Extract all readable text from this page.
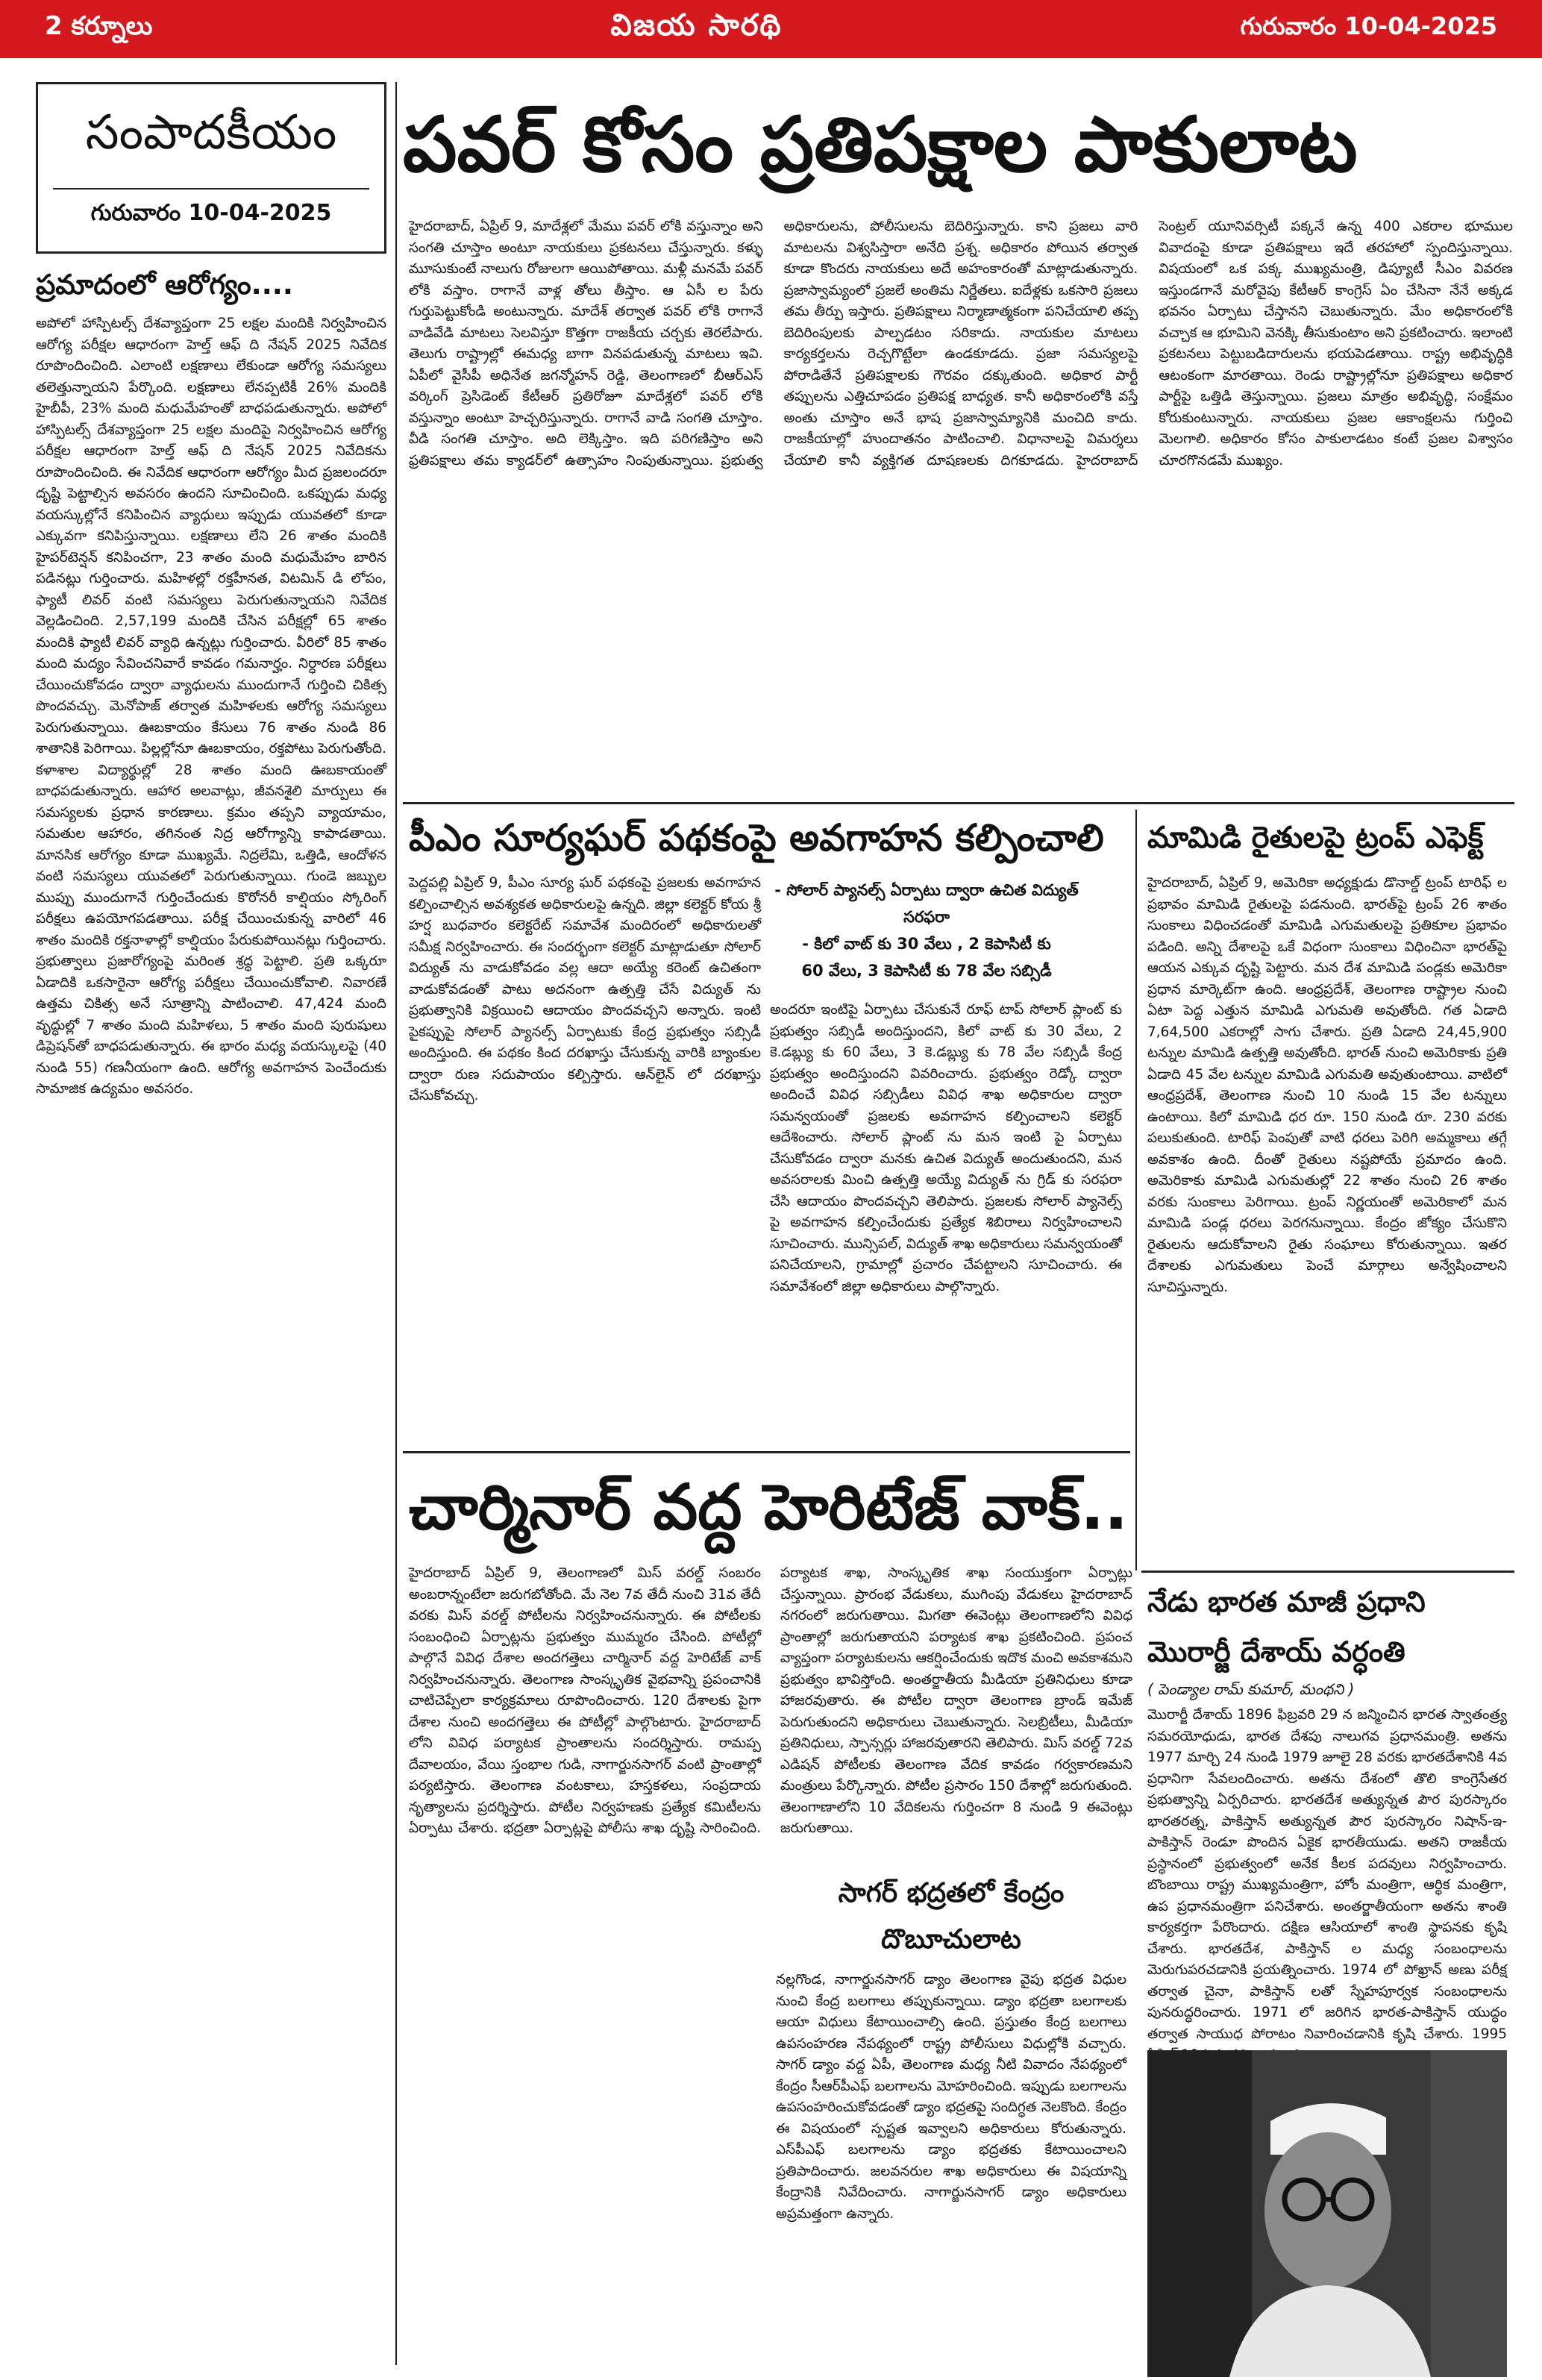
2 కర్నూలు	విజయ సారథి	గురువారం 10-04-2025
సంపాదకీయం
గురువారం 10-04-2025
పవర్ కోసం ప్రతిపక్షాల పాకులాట
ప్రమాదంలో ఆరోగ్యం....
అపోలో హాస్పిటల్స్ దేశవ్యాప్తంగా 25 లక్షల మందికి నిర్వహించిన ఆరోగ్య పరీక్షల ఆధారంగా హెల్త్ ఆఫ్ ది నేషన్ 2025 నివేదిక రూపొందించింది. ఎలాంటి లక్షణాలు లేకుండా ఆరోగ్య సమస్యలు తలెత్తున్నాయని పేర్కొంది. లక్షణాలు లేనప్పటికీ 26% మందికి హైబీపీ, 23% మంది మధుమేహంతో బాధపడుతున్నారు. అపోలో హాస్పిటల్స్ దేశవ్యాప్తంగా 25 లక్షల మందిపై నిర్వహించిన ఆరోగ్య పరీక్షల ఆధారంగా హెల్త్ ఆఫ్ ది నేషన్ 2025 నివేదికను రూపొందించింది. ఈ నివేదిక ఆధారంగా ఆరోగ్యం మీద ప్రజలందరూ దృష్టి పెట్టాల్సిన అవసరం ఉందని సూచించింది. ఒకప్పుడు మధ్య వయస్కుల్లోనే కనిపించిన వ్యాధులు ఇప్పుడు యువతలో కూడా ఎక్కువగా కనిపిస్తున్నాయి. లక్షణాలు లేని 26 శాతం మందికి హైపర్‌టెన్షన్ కనిపించగా, 23 శాతం మంది మధుమేహం బారిన పడినట్లు గుర్తించారు. మహిళల్లో రక్తహీనత, విటమిన్ డి లోపం, ఫ్యాటీ లివర్ వంటి సమస్యలు పెరుగుతున్నాయని నివేదిక వెల్లడించింది. 2,57,199 మందికి చేసిన పరీక్షల్లో 65 శాతం మందికి ఫ్యాటీ లివర్ వ్యాధి ఉన్నట్లు గుర్తించారు. వీరిలో 85 శాతం మంది మద్యం సేవించనివారే కావడం గమనార్హం. నిర్ధారణ పరీక్షలు చేయించుకోవడం ద్వారా వ్యాధులను ముందుగానే గుర్తించి చికిత్స పొందవచ్చు. మెనోపాజ్ తర్వాత మహిళలకు ఆరోగ్య సమస్యలు పెరుగుతున్నాయి. ఊబకాయం కేసులు 76 శాతం నుండి 86 శాతానికి పెరిగాయి. పిల్లల్లోనూ ఊబకాయం, రక్తపోటు పెరుగుతోంది. కళాశాల విద్యార్థుల్లో 28 శాతం మంది ఊబకాయంతో బాధపడుతున్నారు. ఆహార అలవాట్లు, జీవనశైలి మార్పులు ఈ సమస్యలకు ప్రధాన కారణాలు. క్రమం తప్పని వ్యాయామం, సమతుల ఆహారం, తగినంత నిద్ర ఆరోగ్యాన్ని కాపాడతాయి. మానసిక ఆరోగ్యం కూడా ముఖ్యమే. నిద్రలేమి, ఒత్తిడి, ఆందోళన వంటి సమస్యలు యువతలో పెరుగుతున్నాయి. గుండె జబ్బుల ముప్పు ముందుగానే గుర్తించేందుకు కొరోనరీ కాల్షియం స్కోరింగ్ పరీక్షలు ఉపయోగపడతాయి. పరీక్ష చేయించుకున్న వారిలో 46 శాతం మందికి రక్తనాళాల్లో కాల్షియం పేరుకుపోయినట్లు గుర్తించారు. ప్రభుత్వాలు ప్రజారోగ్యంపై మరింత శ్రద్ధ పెట్టాలి. ప్రతి ఒక్కరూ ఏడాదికి ఒకసారైనా ఆరోగ్య పరీక్షలు చేయించుకోవాలి. నివారణే ఉత్తమ చికిత్స అనే సూత్రాన్ని పాటించాలి. 47,424 మంది వృద్ధుల్లో 7 శాతం మంది మహిళలు, 5 శాతం మంది పురుషులు డిప్రెషన్‌తో బాధపడుతున్నారు. ఈ భారం మధ్య వయస్కులపై (40 నుండి 55) గణనీయంగా ఉంది. ఆరోగ్య అవగాహన పెంచేందుకు సామాజిక ఉద్యమం అవసరం.
హైదరాబాద్, ఏప్రిల్ 9, మాదేశ్లలో మేము పవర్ లోకి వస్తున్నాం అని సంగతి చూస్తాం అంటూ నాయకులు ప్రకటనలు చేస్తున్నారు. కళ్ళు మూసుకుంటే నాలుగు రోజులగా ఆయిపోతాయి. మళ్లీ మనమే పవర్ లోకి వస్తాం. రాగానే వాళ్ల తోలు తీస్తాం. ఆ ఏసీ ల పేరు గుర్తుపెట్టుకోండి అంటున్నారు. మాదేశ్ తర్వాత పవర్ లోకి రాగానే వాడివేడి మాటలు సెలవిస్తూ కొత్తగా రాజకీయ చర్చకు తెరలేపారు. తెలుగు రాష్ట్రాల్లో ఈమధ్య బాగా వినపడుతున్న మాటలు ఇవి. ఏపీలో వైసీపీ అధినేత జగన్మోహన్ రెడ్డి, తెలంగాణలో బీఆర్ఎస్ వర్కింగ్ ప్రెసిడెంట్ కేటీఆర్ ప్రతిరోజూ మాదేశ్లలో పవర్ లోకి వస్తున్నాం అంటూ హెచ్చరిస్తున్నారు. రాగానే వాడి సంగతి చూస్తాం. వీడి సంగతి చూస్తాం. అది లెక్కిస్తాం. ఇది పరిగణిస్తాం అని ఫ్రతిపక్షాలు తమ క్యాడర్‌లో ఉత్సాహం నింపుతున్నాయి. ప్రభుత్వ అధికారులను, పోలీసులను బెదిరిస్తున్నారు. కాని ప్రజలు వారి మాటలను విశ్వసిస్తారా అనేది ప్రశ్న. అధికారం పోయిన తర్వాత కూడా కొందరు నాయకులు అదే అహంకారంతో మాట్లాడుతున్నారు. ప్రజాస్వామ్యంలో ప్రజలే అంతిమ నిర్ణేతలు. ఐదేళ్లకు ఒకసారి ప్రజలు తమ తీర్పు ఇస్తారు. ప్రతిపక్షాలు నిర్మాణాత్మకంగా పనిచేయాలి తప్ప బెదిరింపులకు పాల్పడటం సరికాదు. నాయకుల మాటలు కార్యకర్తలను రెచ్చగొట్టేలా ఉండకూడదు. ప్రజా సమస్యలపై పోరాడితేనే ప్రతిపక్షాలకు గౌరవం దక్కుతుంది. అధికార పార్టీ తప్పులను ఎత్తిచూపడం ప్రతిపక్ష బాధ్యత. కానీ అధికారంలోకి వస్తే అంతు చూస్తాం అనే భాష ప్రజాస్వామ్యానికి మంచిది కాదు. రాజకీయాల్లో హుందాతనం పాటించాలి. విధానాలపై విమర్శలు చేయాలి కానీ వ్యక్తిగత దూషణలకు దిగకూడదు. హైదరాబాద్ సెంట్రల్ యూనివర్సిటీ పక్కనే ఉన్న 400 ఎకరాల భూముల వివాదంపై కూడా ప్రతిపక్షాలు ఇదే తరహాలో స్పందిస్తున్నాయి. విషయంలో ఒక పక్క ముఖ్యమంత్రి, డిప్యూటీ సీఎం వివరణ ఇస్తుండగానే మరోవైపు కేటీఆర్ కాంగ్రెస్ ఏం చేసినా నేనే అక్కడ భవనం ఏర్పాటు చేస్తానని చెబుతున్నారు. మేం అధికారంలోకి వచ్చాక ఆ భూమిని వెనక్కి తీసుకుంటాం అని ప్రకటించారు. ఇలాంటి ప్రకటనలు పెట్టుబడిదారులను భయపెడతాయి. రాష్ట్ర అభివృద్ధికి ఆటంకంగా మారతాయి. రెండు రాష్ట్రాల్లోనూ ప్రతిపక్షాలు అధికార పార్టీపై ఒత్తిడి తెస్తున్నాయి. ప్రజలు మాత్రం అభివృద్ధి, సంక్షేమం కోరుకుంటున్నారు. నాయకులు ప్రజల ఆకాంక్షలను గుర్తించి మెలగాలి. అధికారం కోసం పాకులాడటం కంటే ప్రజల విశ్వాసం చూరగొనడమే ముఖ్యం.
పీఎం సూర్యఘర్ పథకంపై అవగాహన కల్పించాలి
పెద్దపల్లి ఏప్రిల్ 9, పీఎం సూర్య ఘర్ పథకంపై ప్రజలకు అవగాహన కల్పించాల్సిన అవశ్యకత అధికారులపై ఉన్నది. జిల్లా కలెక్టర్ కోయ శ్రీ హర్ష బుధవారం కలెక్టరేట్ సమావేశ మందిరంలో అధికారులతో సమీక్ష నిర్వహించారు. ఈ సందర్భంగా కలెక్టర్ మాట్లాడుతూ సోలార్ విద్యుత్ ను వాడుకోవడం వల్ల ఆదా అయ్యే కరెంట్ ఉచితంగా వాడుకోవడంతో పాటు అదనంగా ఉత్పత్తి చేసే విద్యుత్ ను ప్రభుత్వానికి విక్రయించి ఆదాయం పొందవచ్చని అన్నారు. ఇంటి పైకప్పుపై సోలార్ ప్యానల్స్ ఏర్పాటుకు కేంద్ర ప్రభుత్వం సబ్సిడీ అందిస్తుంది. ఈ పథకం కింద దరఖాస్తు చేసుకున్న వారికి బ్యాంకుల ద్వారా రుణ సదుపాయం కల్పిస్తారు. ఆన్‌లైన్ లో దరఖాస్తు చేసుకోవచ్చు.
- సోలార్ ప్యానల్స్ ఏర్పాటు ద్వారా ఉచిత విద్యుత్ సరఫరా
- కిలో వాట్ కు 30 వేలు , 2 కెపాసిటీ కు
60 వేలు, 3 కెపాసిటీ కు 78 వేల సబ్సిడీ
అందరూ ఇంటిపై ఏర్పాటు చేసుకునే రూఫ్ టాప్ సోలార్ ప్లాంట్ కు ప్రభుత్వం సబ్సిడీ అందిస్తుందని, కిలో వాట్ కు 30 వేలు, 2 కె.డబ్ల్యు కు 60 వేలు, 3 కె.డబ్ల్యు కు 78 వేల సబ్సిడీ కేంద్ర ప్రభుత్వం అందిస్తుందని వివరించారు. ప్రభుత్వం రెడ్కో ద్వారా అందించే వివిధ సబ్సిడీలు వివిధ శాఖ అధికారుల ద్వారా సమన్వయంతో ప్రజలకు అవగాహన కల్పించాలని కలెక్టర్ ఆదేశించారు. సోలార్ ప్లాంట్ ను మన ఇంటి పై ఏర్పాటు చేసుకోవడం ద్వారా మనకు ఉచిత విద్యుత్ అందుతుందని, మన అవసరాలకు మించి ఉత్పత్తి అయ్యే విద్యుత్ ను గ్రిడ్ కు సరఫరా చేసి ఆదాయం పొందవచ్చని తెలిపారు. ప్రజలకు సోలార్ ప్యానెల్స్ పై అవగాహన కల్పించేందుకు ప్రత్యేక శిబిరాలు నిర్వహించాలని సూచించారు. మున్సిపల్, విద్యుత్ శాఖ అధికారులు సమన్వయంతో పనిచేయాలని, గ్రామాల్లో ప్రచారం చేపట్టాలని సూచించారు. ఈ సమావేశంలో జిల్లా అధికారులు పాల్గొన్నారు.
మామిడి రైతులపై ట్రంప్ ఎఫెక్ట్
హైదరాబాద్, ఏప్రిల్ 9, అమెరికా అధ్యక్షుడు డొనాల్డ్ ట్రంప్ టారిఫ్ ల ప్రభావం మామిడి రైతులపై పడనుంది. భారత్‌పై ట్రంప్ 26 శాతం సుంకాలు విధించడంతో మామిడి ఎగుమతులపై ప్రతికూల ప్రభావం పడింది. అన్ని దేశాలపై ఒకే విధంగా సుంకాలు విధించినా భారత్‌పై ఆయన ఎక్కువ దృష్టి పెట్టారు. మన దేశ మామిడి పండ్లకు అమెరికా ప్రధాన మార్కెట్‌గా ఉంది. ఆంధ్రప్రదేశ్, తెలంగాణ రాష్ట్రాల నుంచి ఏటా పెద్ద ఎత్తున మామిడి ఎగుమతి అవుతోంది. గత ఏడాది 7,64,500 ఎకరాల్లో సాగు చేశారు. ప్రతి ఏడాది 24,45,900 టన్నుల మామిడి ఉత్పత్తి అవుతోంది. భారత్ నుంచి అమెరికాకు ప్రతి ఏడాది 45 వేల టన్నుల మామిడి ఎగుమతి అవుతుంటాయి. వాటిలో ఆంధ్రప్రదేశ్, తెలంగాణ నుంచి 10 నుండి 15 వేల టన్నులు ఉంటాయి. కిలో మామిడి ధర రూ. 150 నుండి రూ. 230 వరకు పలుకుతుంది. టారిఫ్ పెంపుతో వాటి ధరలు పెరిగి అమ్మకాలు తగ్గే అవకాశం ఉంది. దీంతో రైతులు నష్టపోయే ప్రమాదం ఉంది. అమెరికాకు మామిడి ఎగుమతుల్లో 22 శాతం నుంచి 26 శాతం వరకు సుంకాలు పెరిగాయి. ట్రంప్ నిర్ణయంతో అమెరికాలో మన మామిడి పండ్ల ధరలు పెరగనున్నాయి. కేంద్రం జోక్యం చేసుకొని రైతులను ఆదుకోవాలని రైతు సంఘాలు కోరుతున్నాయి. ఇతర దేశాలకు ఎగుమతులు పెంచే మార్గాలు అన్వేషించాలని సూచిస్తున్నారు.
చార్మినార్ వద్ద హెరిటేజ్ వాక్..
హైదరాబాద్ ఏప్రిల్ 9, తెలంగాణలో మిస్ వరల్డ్ సంబరం అంబరాన్నంటేలా జరుగబోతోంది. మే నెల 7వ తేదీ నుంచి 31వ తేదీ వరకు మిస్ వరల్డ్ పోటీలను నిర్వహించనున్నారు. ఈ పోటీలకు సంబంధించి ఏర్పాట్లను ప్రభుత్వం ముమ్మరం చేసింది. పోటీల్లో పాల్గొనే వివిధ దేశాల అందగత్తెలు చార్మినార్ వద్ద హెరిటేజ్ వాక్ నిర్వహించనున్నారు. తెలంగాణ సాంస్కృతిక వైభవాన్ని ప్రపంచానికి చాటిచెప్పేలా కార్యక్రమాలు రూపొందించారు. 120 దేశాలకు పైగా దేశాల నుంచి అందగత్తెలు ఈ పోటీల్లో పాల్గొంటారు. హైదరాబాద్ లోని వివిధ పర్యాటక ప్రాంతాలను సందర్శిస్తారు. రామప్ప దేవాలయం, వేయి స్తంభాల గుడి, నాగార్జునసాగర్ వంటి ప్రాంతాల్లో పర్యటిస్తారు. తెలంగాణ వంటకాలు, హస్తకళలు, సంప్రదాయ నృత్యాలను ప్రదర్శిస్తారు. పోటీల నిర్వహణకు ప్రత్యేక కమిటీలను ఏర్పాటు చేశారు. భద్రతా ఏర్పాట్లపై పోలీసు శాఖ దృష్టి సారించింది. పర్యాటక శాఖ, సాంస్కృతిక శాఖ సంయుక్తంగా ఏర్పాట్లు చేస్తున్నాయి. ప్రారంభ వేడుకలు, ముగింపు వేడుకలు హైదరాబాద్ నగరంలో జరుగుతాయి. మిగతా ఈవెంట్లు తెలంగాణలోని వివిధ ప్రాంతాల్లో జరుగుతాయని పర్యాటక శాఖ ప్రకటించింది. ప్రపంచ వ్యాప్తంగా పర్యాటకులను ఆకర్షించేందుకు ఇదొక మంచి అవకాశమని ప్రభుత్వం భావిస్తోంది. అంతర్జాతీయ మీడియా ప్రతినిధులు కూడా హాజరవుతారు. ఈ పోటీల ద్వారా తెలంగాణ బ్రాండ్ ఇమేజ్ పెరుగుతుందని అధికారులు చెబుతున్నారు. సెలబ్రిటీలు, మీడియా ప్రతినిధులు, స్పాన్సర్లు హాజరవుతారని తెలిపారు. మిస్ వరల్డ్ 72వ ఎడిషన్ పోటీలకు తెలంగాణ వేదిక కావడం గర్వకారణమని మంత్రులు పేర్కొన్నారు. పోటీల ప్రసారం 150 దేశాల్లో జరుగుతుంది. తెలంగాణాలోని 10 వేదికలను గుర్తించగా 8 నుండి 9 ఈవెంట్లు జరుగుతాయి.
సాగర్ భద్రతలో కేంద్రం
దొబూచులాట
నల్లగొండ, నాగార్జునసాగర్ డ్యాం తెలంగాణ వైపు భద్రత విధుల నుంచి కేంద్ర బలగాలు తప్పుకున్నాయి. డ్యాం భద్రతా బలగాలకు ఆయా విధులు కేటాయించాల్సి ఉంది. ప్రస్తుతం కేంద్ర బలగాలు ఉపసంహరణ నేపథ్యంలో రాష్ట్ర పోలీసులు విధుల్లోకి వచ్చారు. సాగర్ డ్యాం వద్ద ఏపీ, తెలంగాణ మధ్య నీటి వివాదం నేపథ్యంలో కేంద్రం సీఆర్‌పీఎఫ్ బలగాలను మోహరించింది. ఇప్పుడు బలగాలను ఉపసంహరించుకోవడంతో డ్యాం భద్రతపై సందిగ్ధత నెలకొంది. కేంద్రం ఈ విషయంలో స్పష్టత ఇవ్వాలని అధికారులు కోరుతున్నారు. ఎస్‌పీఎఫ్ బలగాలను డ్యాం భద్రతకు కేటాయించాలని ప్రతిపాదించారు. జలవనరుల శాఖ అధికారులు ఈ విషయాన్ని కేంద్రానికి నివేదించారు. నాగార్జునసాగర్ డ్యాం అధికారులు అప్రమత్తంగా ఉన్నారు.
నేడు భారత మాజీ ప్రధాని
మొరార్జీ దేశాయ్ వర్ధంతి
( పెండ్యాల రామ్ కుమార్, మంథని )
మొరార్జీ దేశాయ్ 1896 ఫిబ్రవరి 29 న జన్మించిన భారత స్వాతంత్ర్య సమరయోధుడు, భారత దేశపు నాలుగవ ప్రధానమంత్రి. అతను 1977 మార్చి 24 నుండి 1979 జూలై 28 వరకు భారతదేశానికి 4వ ప్రధానిగా సేవలందించారు. అతను దేశంలో తొలి కాంగ్రెసేతర ప్రభుత్వాన్ని ఏర్పరిచారు. భారతదేశ అత్యున్నత పౌర పురస్కారం భారతరత్న, పాకిస్తాన్ అత్యున్నత పౌర పురస్కారం నిషాన్-ఇ-పాకిస్తాన్ రెండూ పొందిన ఏకైక భారతీయుడు. అతని రాజకీయ ప్రస్థానంలో ప్రభుత్వంలో అనేక కీలక పదవులు నిర్వహించారు. బొంబాయి రాష్ట్ర ముఖ్యమంత్రిగా, హోం మంత్రిగా, ఆర్థిక మంత్రిగా, ఉప ప్రధానమంత్రిగా పనిచేశారు. అంతర్జాతీయంగా అతను శాంతి కార్యకర్తగా పేరొందారు. దక్షిణ ఆసియాలో శాంతి స్థాపనకు కృషి చేశారు. భారతదేశ, పాకిస్తాన్ ల మధ్య సంబంధాలను మెరుగుపరచడానికి ప్రయత్నించారు. 1974 లో పోఖ్రాన్ అణు పరీక్ష తర్వాత చైనా, పాకిస్తాన్ లతో స్నేహపూర్వక సంబంధాలను పునరుద్ధరించారు. 1971 లో జరిగిన భారత-పాకిస్తాన్ యుద్ధం తర్వాత సాయుధ పోరాటం నివారించడానికి కృషి చేశారు. 1995
